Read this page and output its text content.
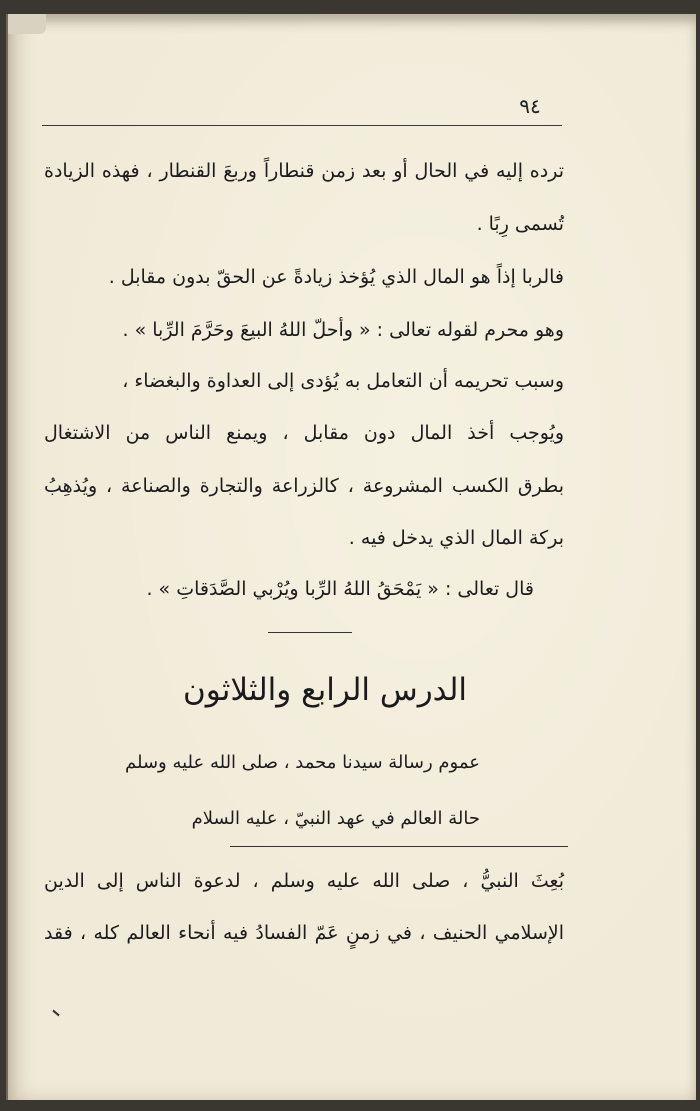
٩٤
ترده إليه في الحال أو بعد زمن قنطاراً وربعَ القنطار ، فهذه الزيادة
تُسمى رِبًا .
فالربا إذاً هو المال الذي يُؤخذ زيادةً عن الحقّ بدون مقابل .
وهو محرم لقوله تعالى : « وأحلّ اللهُ البيعَ وحَرَّمَ الرِّبا » .
وسبب تحريمه أن التعامل به يُؤدى إلى العداوة والبغضاء ،
ويُوجب أخذ المال دون مقابل ، ويمنع الناس من الاشتغال
بطرق الكسب المشروعة ، كالزراعة والتجارة والصناعة ، ويُذهِبُ
بركة المال الذي يدخل فيه .
قال تعالى : « يَمْحَقُ اللهُ الرِّبا ويُرْبي الصَّدَقاتِ » .
الدرس الرابع والثلاثون
عموم رسالة سيدنا محمد ، صلى الله عليه وسلم
حالة العالم في عهد النبيّ ، عليه السلام
بُعِثَ النبيُّ ، صلى الله عليه وسلم ، لدعوة الناس إلى الدين
الإسلامي الحنيف ، في زمنٍ عَمّ الفسادُ فيه أنحاء العالم كله ، فقد
